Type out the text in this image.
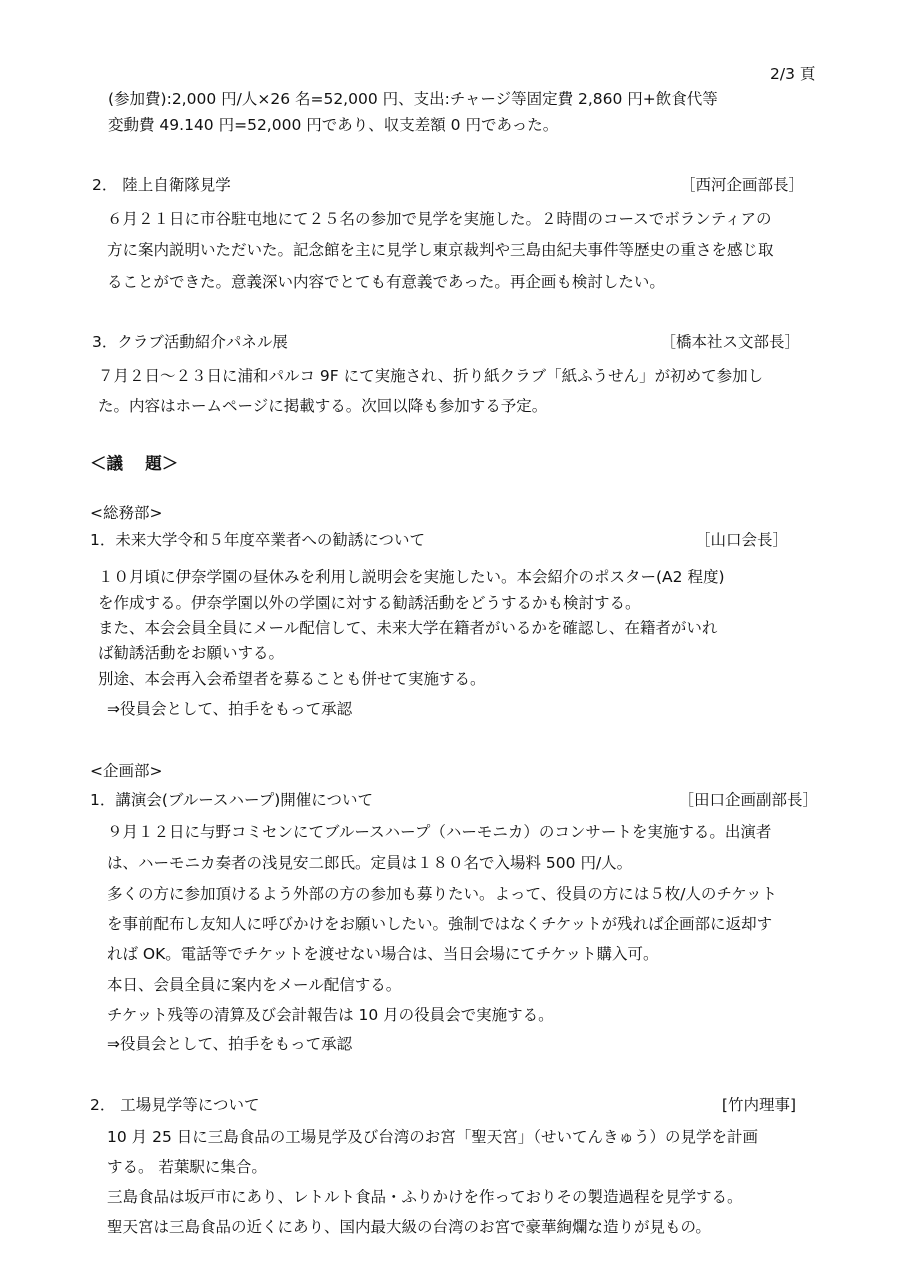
2/3 頁
(参加費):2,000 円/人×26 名=52,000 円、支出:チャージ等固定費 2,860 円+飲食代等
変動費 49.140 円=52,000 円であり、収支差額 0 円であった。
2． 陸上自衛隊見学	［西河企画部長］
６月２１日に市谷駐屯地にて２５名の参加で見学を実施した。２時間のコースでボランティアの
方に案内説明いただいた。記念館を主に見学し東京裁判や三島由紀夫事件等歴史の重さを感じ取
ることができた。意義深い内容でとても有意義であった。再企画も検討したい。
3．クラブ活動紹介パネル展	［橋本社ス文部長］
７月２日～２３日に浦和パルコ 9F にて実施され、折り紙クラブ「紙ふうせん」が初めて参加し
た。内容はホームページに掲載する。次回以降も参加する予定。
＜議　 題＞
<総務部>
1．未来大学令和５年度卒業者への勧誘について	［山口会長］
１０月頃に伊奈学園の昼休みを利用し説明会を実施したい。本会紹介のポスター(A2 程度)
を作成する。伊奈学園以外の学園に対する勧誘活動をどうするかも検討する。
また、本会会員全員にメール配信して、未来大学在籍者がいるかを確認し、在籍者がいれ
ば勧誘活動をお願いする。
別途、本会再入会希望者を募ることも併せて実施する。
⇒役員会として、拍手をもって承認
<企画部>
1．講演会(ブルースハープ)開催について	［田口企画副部長］
９月１２日に与野コミセンにてブルースハープ（ハーモニカ）のコンサートを実施する。出演者
は、ハーモニカ奏者の浅見安二郎氏。定員は１８０名で入場料 500 円/人。
多くの方に参加頂けるよう外部の方の参加も募りたい。よって、役員の方には５枚/人のチケット
を事前配布し友知人に呼びかけをお願いしたい。強制ではなくチケットが残れば企画部に返却す
れば OK。電話等でチケットを渡せない場合は、当日会場にてチケット購入可。
本日、会員全員に案内をメール配信する。
チケット残等の清算及び会計報告は 10 月の役員会で実施する。
⇒役員会として、拍手をもって承認
2． 工場見学等について	[竹内理事]
10 月 25 日に三島食品の工場見学及び台湾のお宮「聖天宮」（せいてんきゅう）の見学を計画
する。 若葉駅に集合。
三島食品は坂戸市にあり、レトルト食品・ふりかけを作っておりその製造過程を見学する。
聖天宮は三島食品の近くにあり、国内最大級の台湾のお宮で豪華絢爛な造りが見もの。
